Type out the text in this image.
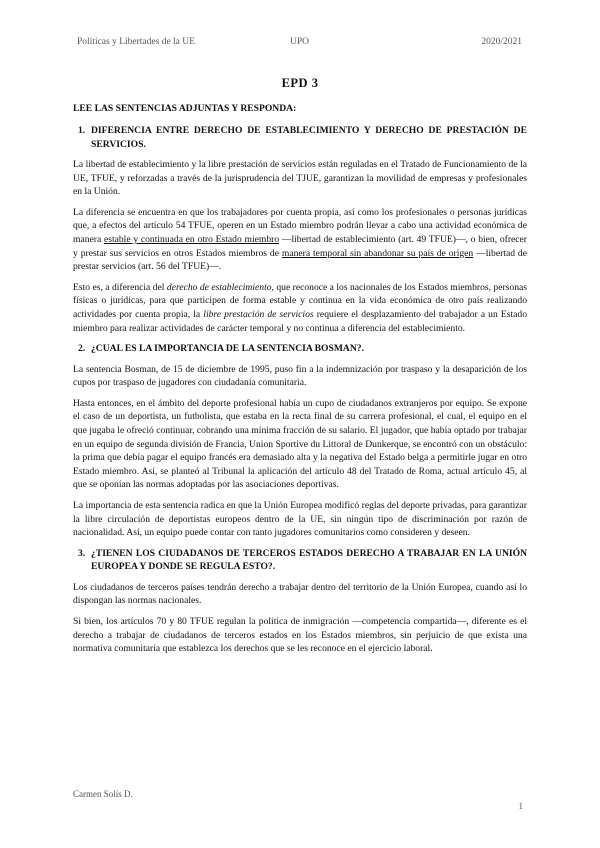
Políticas y Libertades de la UE	UPO	2020/2021
EPD 3
LEE LAS SENTENCIAS ADJUNTAS Y RESPONDA:
1. DIFERENCIA ENTRE DERECHO DE ESTABLECIMIENTO Y DERECHO DE PRESTACIÓN DE SERVICIOS.

La libertad de establecimiento y la libre prestación de servicios están reguladas en el Tratado de Funcionamiento de la UE, TFUE, y reforzadas a través de la jurisprudencia del TJUE, garantizan la movilidad de empresas y profesionales en la Unión.

La diferencia se encuentra en que los trabajadores por cuenta propia, así como los profesionales o personas jurídicas que, a efectos del artículo 54 TFUE, operen en un Estado miembro podrán llevar a cabo una actividad económica de manera estable y continuada en otro Estado miembro —libertad de establecimiento (art. 49 TFUE)—, o bien, ofrecer y prestar sus servicios en otros Estados miembros de manera temporal sin abandonar su país de origen —libertad de prestar servicios (art. 56 del TFUE)—.

Esto es, a diferencia del derecho de establecimiento, que reconoce a los nacionales de los Estados miembros, personas físicas o jurídicas, para que participen de forma estable y continua en la vida económica de otro país realizando actividades por cuenta propia, la libre prestación de servicios requiere el desplazamiento del trabajador a un Estado miembro para realizar actividades de carácter temporal y no continua a diferencia del establecimiento.

2. ¿CUAL ES LA IMPORTANCIA DE LA SENTENCIA BOSMAN?.

La sentencia Bosman, de 15 de diciembre de 1995, puso fin a la indemnización por traspaso y la desaparición de los cupos por traspaso de jugadores con ciudadanía comunitaria.

Hasta entonces, en el ámbito del deporte profesional había un cupo de ciudadanos extranjeros por equipo. Se expone el caso de un deportista, un futbolista, que estaba en la recta final de su carrera profesional, el cual, el equipo en el que jugaba le ofreció continuar, cobrando una mínima fracción de su salario. El jugador, que había optado por trabajar en un equipo de segunda división de Francia, Union Sportive du Littoral de Dunkerque, se encontró con un obstáculo: la prima que debía pagar el equipo francés era demasiado alta y la negativa del Estado belga a permitirle jugar en otro Estado miembro. Así, se planteó al Tribunal la aplicación del artículo 48 del Tratado de Roma, actual artículo 45, al que se oponían las normas adoptadas por las asociaciones deportivas.

La importancia de esta sentencia radica en que la Unión Europea modificó reglas del deporte privadas, para garantizar la libre circulación de deportistas europeos dentro de la UE, sin ningún tipo de discriminación por razón de nacionalidad. Así, un equipo puede contar con tanto jugadores comunitarios como consideren y deseen.

3. ¿TIENEN LOS CIUDADANOS DE TERCEROS ESTADOS DERECHO A TRABAJAR EN LA UNIÓN EUROPEA Y DONDE SE REGULA ESTO?.

Los ciudadanos de terceros países tendrán derecho a trabajar dentro del territorio de la Unión Europea, cuando así lo dispongan las normas nacionales.

Si bien, los artículos 70 y 80 TFUE regulan la política de inmigración —competencia compartida—, diferente es el derecho a trabajar de ciudadanos de terceros estados en los Estados miembros, sin perjuicio de que exista una normativa comunitaria que establezca los derechos que se les reconoce en el ejercicio laboral.

Carmen Solís D.
1
